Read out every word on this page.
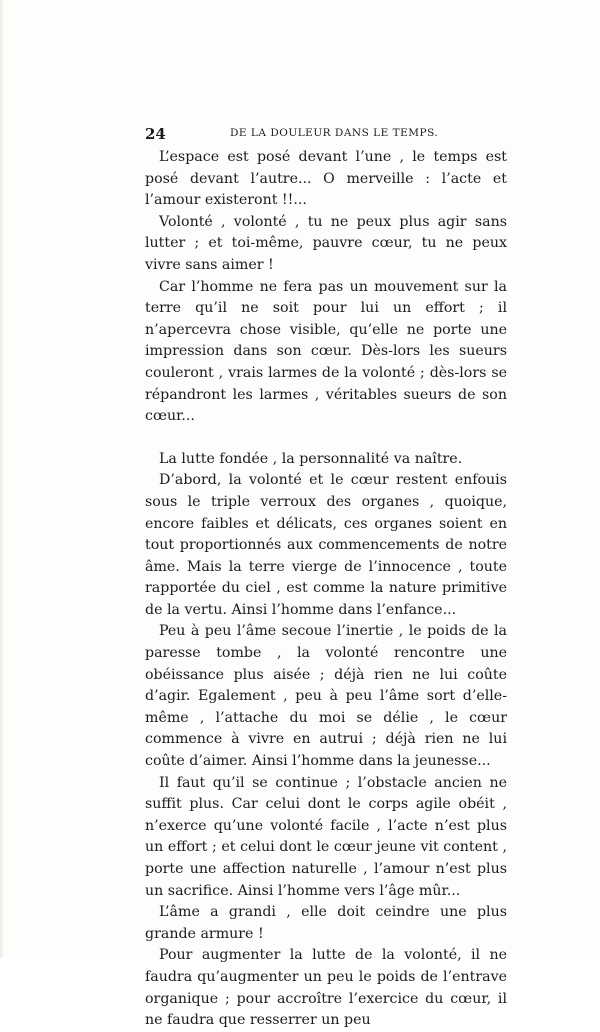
24	DE LA DOULEUR DANS LE TEMPS.

L’espace est posé devant l’une , le temps est posé devant l’autre... O merveille : l’acte et l’amour existeront !!...

Volonté , volonté , tu ne peux plus agir sans lutter ; et toi-même, pauvre cœur, tu ne peux vivre sans aimer !

Car l’homme ne fera pas un mouvement sur la terre qu’il ne soit pour lui un effort ; il n’apercevra chose visible, qu’elle ne porte une impression dans son cœur. Dès-lors les sueurs couleront , vrais larmes de la volonté ; dès-lors se répandront les larmes , véritables sueurs de son cœur...

La lutte fondée , la personnalité va naître.

D’abord, la volonté et le cœur restent enfouis sous le triple verroux des organes , quoique, encore faibles et délicats, ces organes soient en tout proportionnés aux commencements de notre âme. Mais la terre vierge de l’innocence , toute rapportée du ciel , est comme la nature primitive de la vertu. Ainsi l’homme dans l’enfance...

Peu à peu l’âme secoue l’inertie , le poids de la paresse tombe , la volonté rencontre une obéissance plus aisée ; déjà rien ne lui coûte d’agir. Egalement , peu à peu l’âme sort d’elle-même , l’attache du moi se délie , le cœur commence à vivre en autrui ; déjà rien ne lui coûte d’aimer. Ainsi l’homme dans la jeunesse...

Il faut qu’il se continue ; l’obstacle ancien ne suffit plus. Car celui dont le corps agile obéit , n’exerce qu’une volonté facile , l’acte n’est plus un effort ; et celui dont le cœur jeune vit content , porte une affection naturelle , l’amour n’est plus un sacrifice. Ainsi l’homme vers l’âge mûr...

L’âme a grandi , elle doit ceindre une plus grande armure !

Pour augmenter la lutte de la volonté, il ne faudra qu’augmenter un peu le poids de l’entrave organique ; pour accroître l’exercice du cœur, il ne faudra que resserrer un peu
